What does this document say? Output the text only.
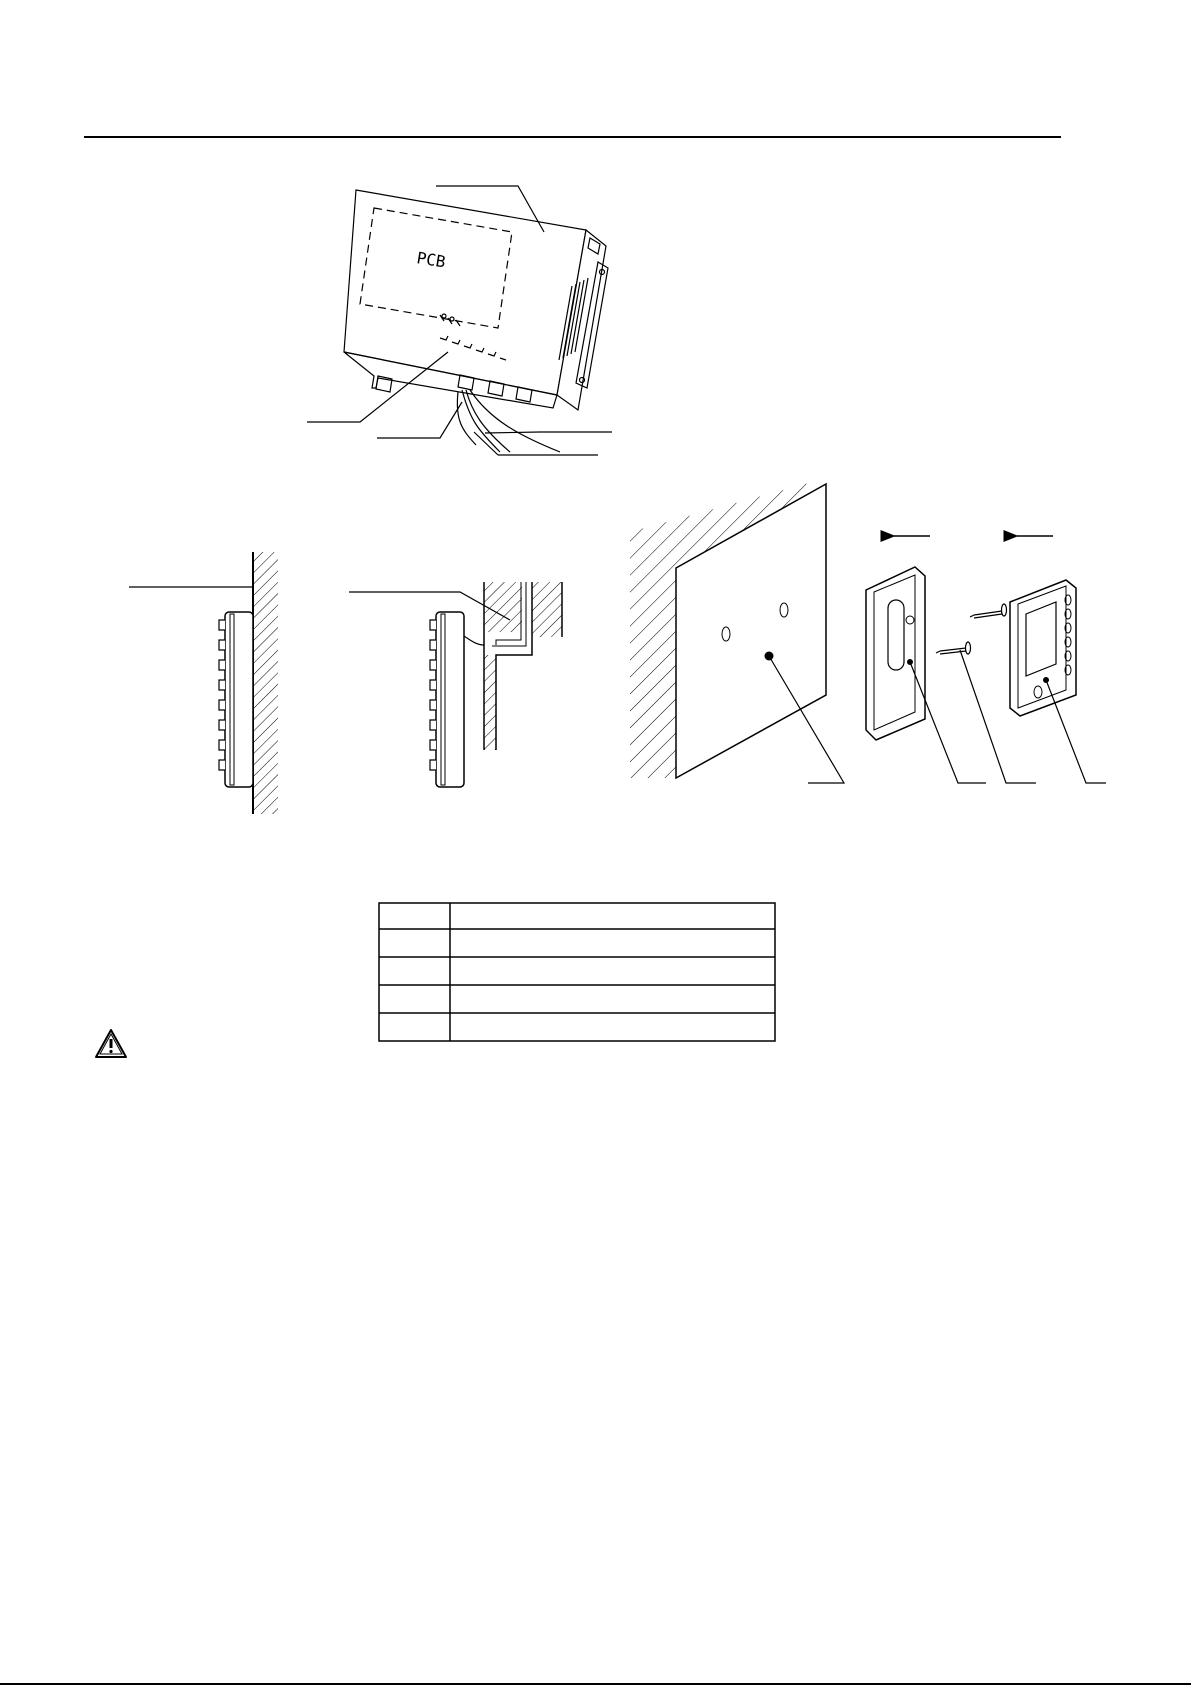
PCB
